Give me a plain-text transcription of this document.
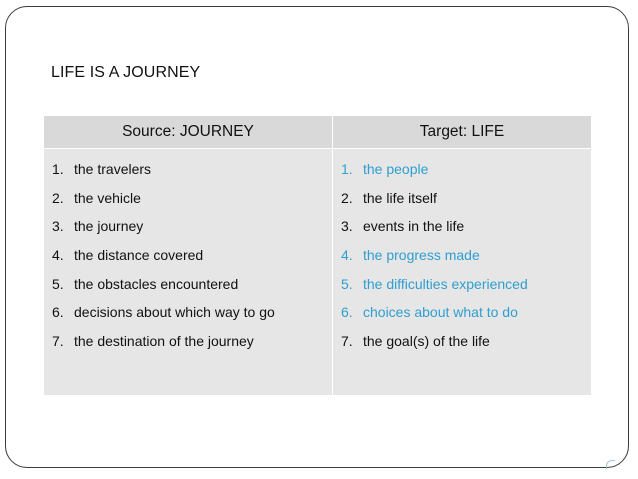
LIFE IS A JOURNEY
Source: JOURNEY	Target: LIFE
1. the travelers
2. the vehicle
3. the journey
4. the distance covered
5. the obstacles encountered
6. decisions about which way to go
7. the destination of the journey
1. the people
2. the life itself
3. events in the life
4. the progress made
5. the difficulties experienced
6. choices about what to do
7. the goal(s) of the life
